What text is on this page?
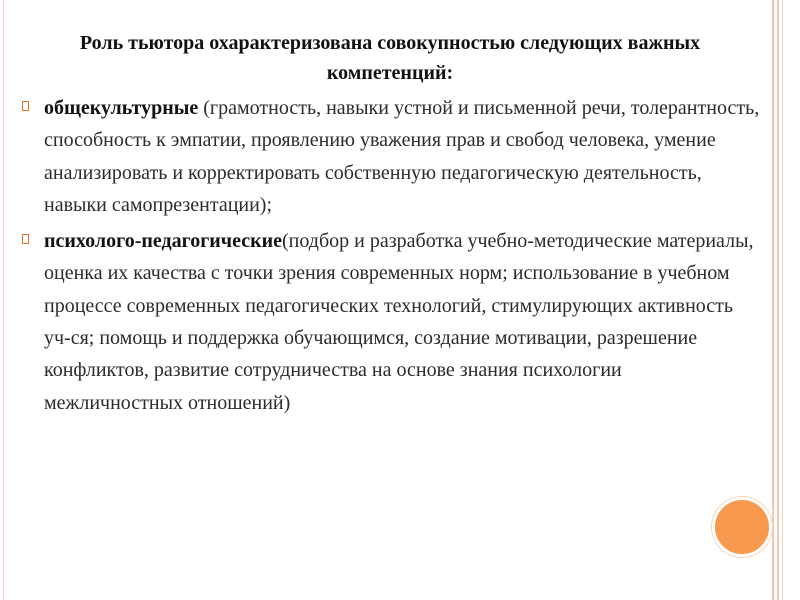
Роль тьютора охарактеризована совокупностью следующих важных компетенций:

общекультурные (грамотность, навыки устной и письменной речи, толерантность, способность к эмпатии, проявлению уважения прав и свобод человека, умение анализировать и корректировать собственную педагогическую деятельность, навыки самопрезентации);

психолого-педагогические(подбор и разработка учебно-методические материалы, оценка их качества с точки зрения современных норм; использование в учебном процессе современных педагогических технологий, стимулирующих активность уч-ся; помощь и поддержка обучающимся, создание мотивации, разрешение конфликтов, развитие сотрудничества на основе знания психологии межличностных отношений)
